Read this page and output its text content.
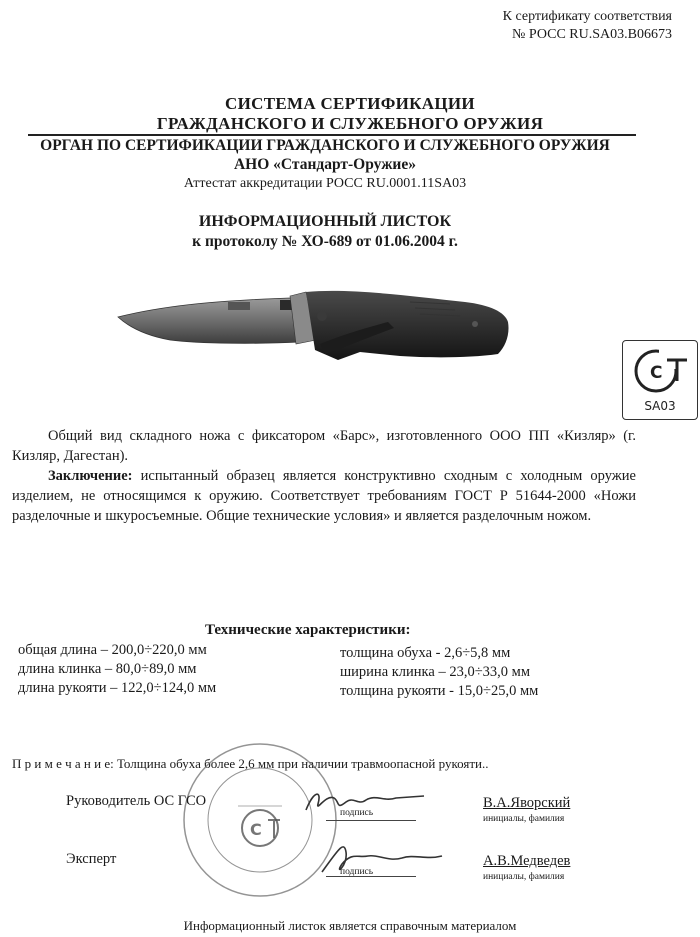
К сертификату соответствия
№ РОСС RU.SA03.B06673
СИСТЕМА СЕРТИФИКАЦИИ
ГРАЖДАНСКОГО И СЛУЖЕБНОГО ОРУЖИЯ
ОРГАН ПО СЕРТИФИКАЦИИ ГРАЖДАНСКОГО И СЛУЖЕБНОГО ОРУЖИЯ
АНО «Стандарт-Оружие»
Аттестат аккредитации РОСС RU.0001.11SA03
ИНФОРМАЦИОННЫЙ ЛИСТОК
к протоколу № ХО-689 от 01.06.2004 г.
С
SA03
Общий вид складного ножа с фиксатором «Барс», изготовленного ООО ПП «Кизляр» (г. Кизляр, Дагестан).
Заключение: испытанный образец является конструктивно сходным с холодным оружие изделием, не относящимся к оружию. Соответствует требованиям ГОСТ Р 51644-2000 «Ножи разделочные и шкуросъемные. Общие технические условия» и является разделочным ножом.
Технические характеристики:
общая длина – 200,0÷220,0 мм
длина клинка – 80,0÷89,0 мм
длина рукояти – 122,0÷124,0 мм
толщина обуха - 2,6÷5,8 мм
ширина клинка – 23,0÷33,0 мм
толщина рукояти - 15,0÷25,0 мм
П р и м е ч а н и е: Толщина обуха более 2,6 мм при наличии травмоопасной рукояти..
С
Руководитель ОС ГСО
подпись
В.А.Яворский
инициалы, фамилия
Эксперт
подпись
А.В.Медведев
инициалы, фамилия
Информационный листок является справочным материалом
